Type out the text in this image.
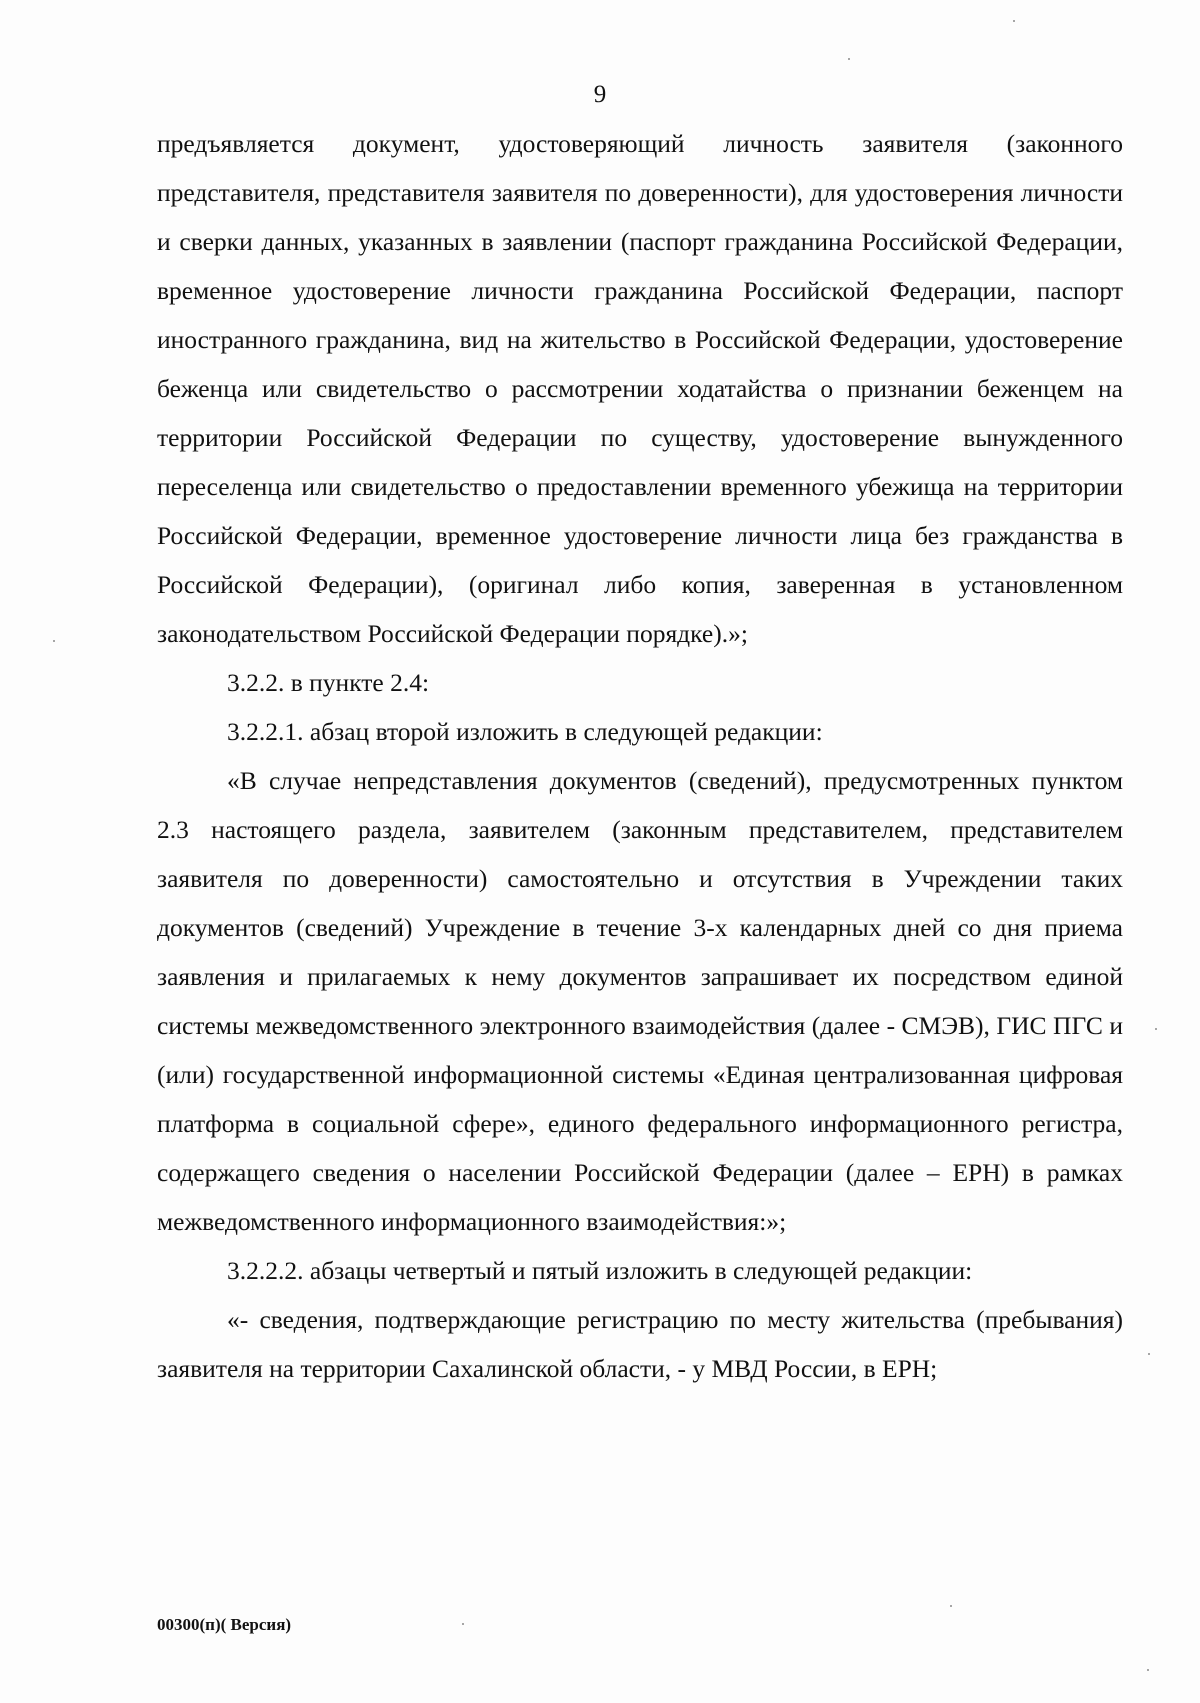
9

предъявляется документ, удостоверяющий личность заявителя (законного представителя, представителя заявителя по доверенности), для удостоверения личности и сверки данных, указанных в заявлении (паспорт гражданина Российской Федерации, временное удостоверение личности гражданина Российской Федерации, паспорт иностранного гражданина, вид на жительство в Российской Федерации, удостоверение беженца или свидетельство о рассмотрении ходатайства о признании беженцем на территории Российской Федерации по существу, удостоверение вынужденного переселенца или свидетельство о предоставлении временного убежища на территории Российской Федерации, временное удостоверение личности лица без гражданства в Российской Федерации), (оригинал либо копия, заверенная в установленном законодательством Российской Федерации порядке).»;

3.2.2. в пункте 2.4:

3.2.2.1. абзац второй изложить в следующей редакции:

«В случае непредставления документов (сведений), предусмотренных пунктом 2.3 настоящего раздела, заявителем (законным представителем, представителем заявителя по доверенности) самостоятельно и отсутствия в Учреждении таких документов (сведений) Учреждение в течение 3-х календарных дней со дня приема заявления и прилагаемых к нему документов запрашивает их посредством единой системы межведомственного электронного взаимодействия (далее - СМЭВ), ГИС ПГС и (или) государственной информационной системы «Единая централизованная цифровая платформа в социальной сфере», единого федерального информационного регистра, содержащего сведения о населении Российской Федерации (далее – ЕРН) в рамках межведомственного информационного взаимодействия:»;

3.2.2.2. абзацы четвертый и пятый изложить в следующей редакции:

«- сведения, подтверждающие регистрацию по месту жительства (пребывания) заявителя на территории Сахалинской области, - у МВД России, в ЕРН;

00300(п)( Версия)
